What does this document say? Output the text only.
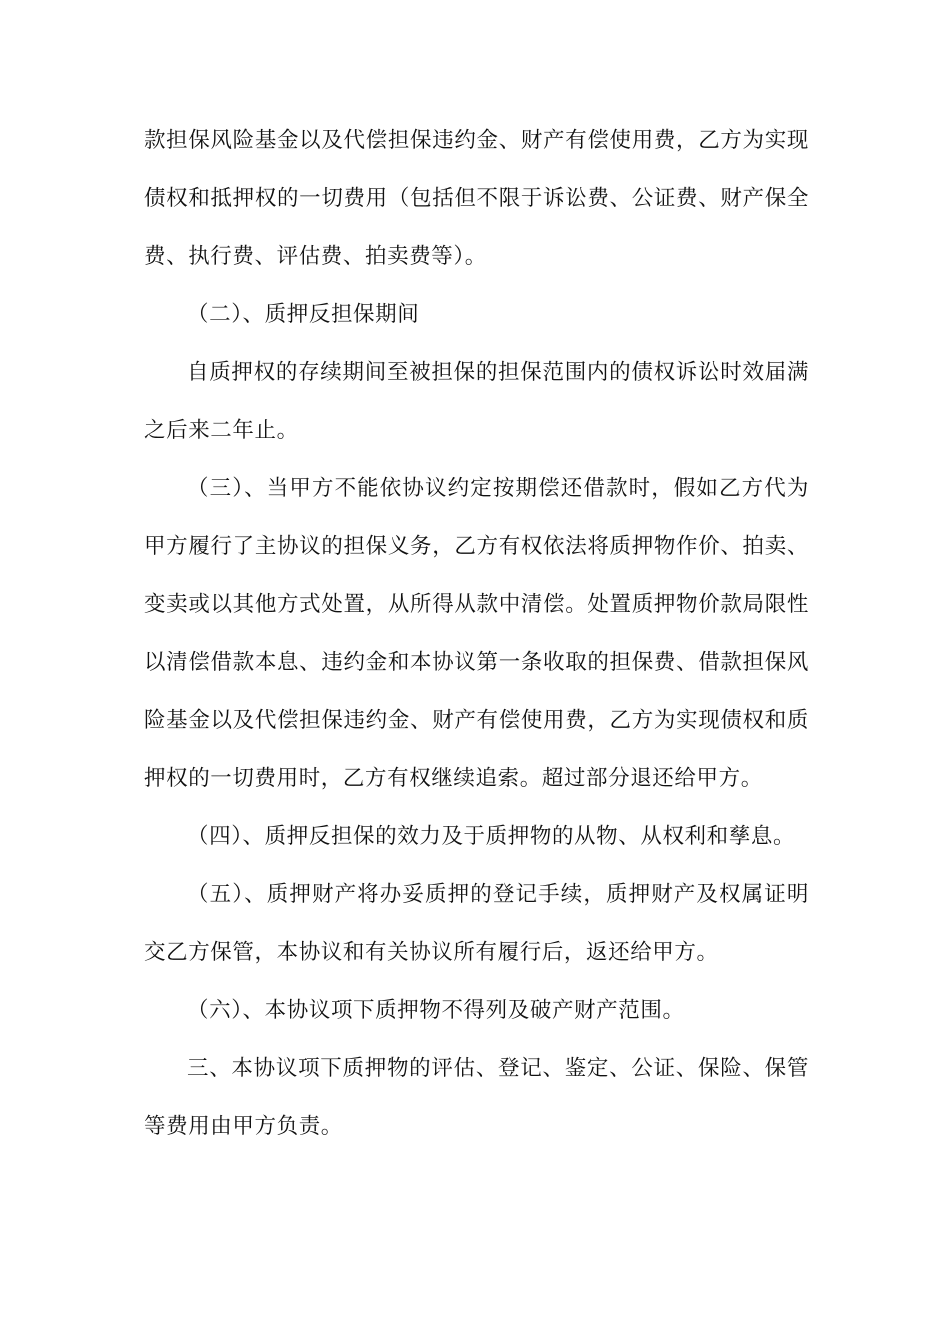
款担保风险基金以及代偿担保违约金、财产有偿使用费，乙方为实现债权和抵押权的一切费用（包括但不限于诉讼费、公证费、财产保全费、执行费、评估费、拍卖费等）。

（二）、质押反担保期间

自质押权的存续期间至被担保的担保范围内的债权诉讼时效届满之后来二年止。

（三）、当甲方不能依协议约定按期偿还借款时，假如乙方代为甲方履行了主协议的担保义务，乙方有权依法将质押物作价、拍卖、变卖或以其他方式处置，从所得从款中清偿。处置质押物价款局限性以清偿借款本息、违约金和本协议第一条收取的担保费、借款担保风险基金以及代偿担保违约金、财产有偿使用费，乙方为实现债权和质押权的一切费用时，乙方有权继续追索。超过部分退还给甲方。

（四）、质押反担保的效力及于质押物的从物、从权利和孳息。

（五）、质押财产将办妥质押的登记手续，质押财产及权属证明交乙方保管，本协议和有关协议所有履行后，返还给甲方。

（六）、本协议项下质押物不得列及破产财产范围。

三、本协议项下质押物的评估、登记、鉴定、公证、保险、保管等费用由甲方负责。
